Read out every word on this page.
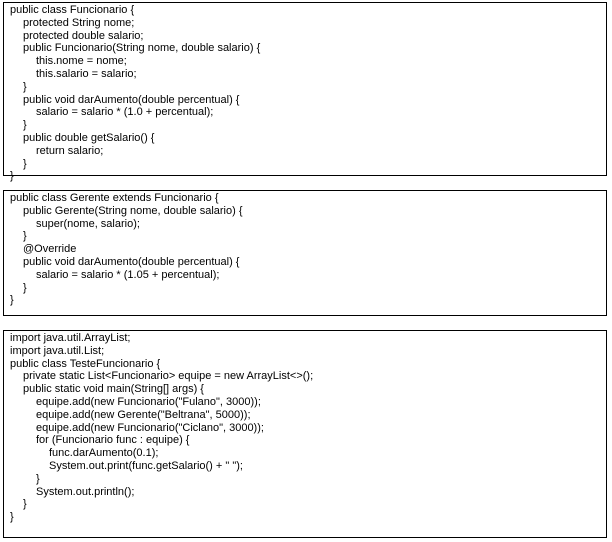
public class Funcionario {
protected String nome;
protected double salario;
public Funcionario(String nome, double salario) {
this.nome = nome;
this.salario = salario;
}
public void darAumento(double percentual) {
salario = salario * (1.0 + percentual);
}
public double getSalario() {
return salario;
}
}
public class Gerente extends Funcionario {
public Gerente(String nome, double salario) {
super(nome, salario);
}
@Override
public void darAumento(double percentual) {
salario = salario * (1.05 + percentual);
}
}
import java.util.ArrayList;
import java.util.List;
public class TesteFuncionario {
private static List<Funcionario> equipe = new ArrayList<>();
public static void main(String[] args) {
equipe.add(new Funcionario("Fulano", 3000));
equipe.add(new Gerente("Beltrana", 5000));
equipe.add(new Funcionario("Ciclano", 3000));
for (Funcionario func : equipe) {
func.darAumento(0.1);
System.out.print(func.getSalario() + " ");
}
System.out.println();
}
}
